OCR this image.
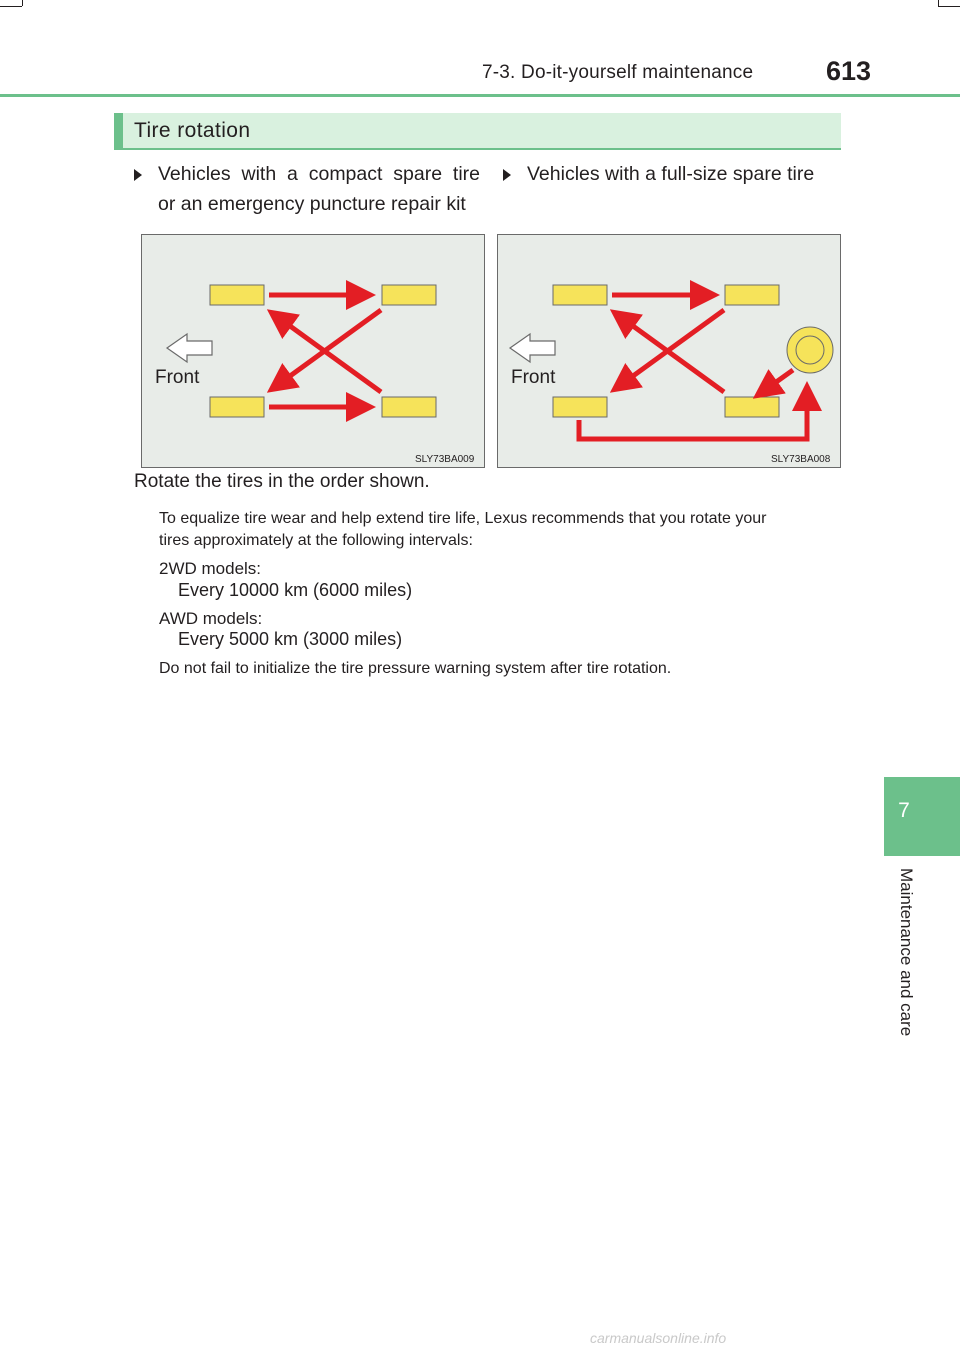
7-3. Do-it-yourself maintenance	613
Tire rotation
Vehicles with a compact spare tire
or an emergency puncture repair kit
Vehicles with a full-size spare tire
Front
SLY73BA009
Front
SLY73BA008
Rotate the tires in the order shown.
To equalize tire wear and help extend tire life, Lexus recommends that you rotate your
tires approximately at the following intervals:
2WD models:
Every 10000 km (6000 miles)
AWD models:
Every 5000 km (3000 miles)
Do not fail to initialize the tire pressure warning system after tire rotation.
7
Maintenance and care
carmanualsonline.info
